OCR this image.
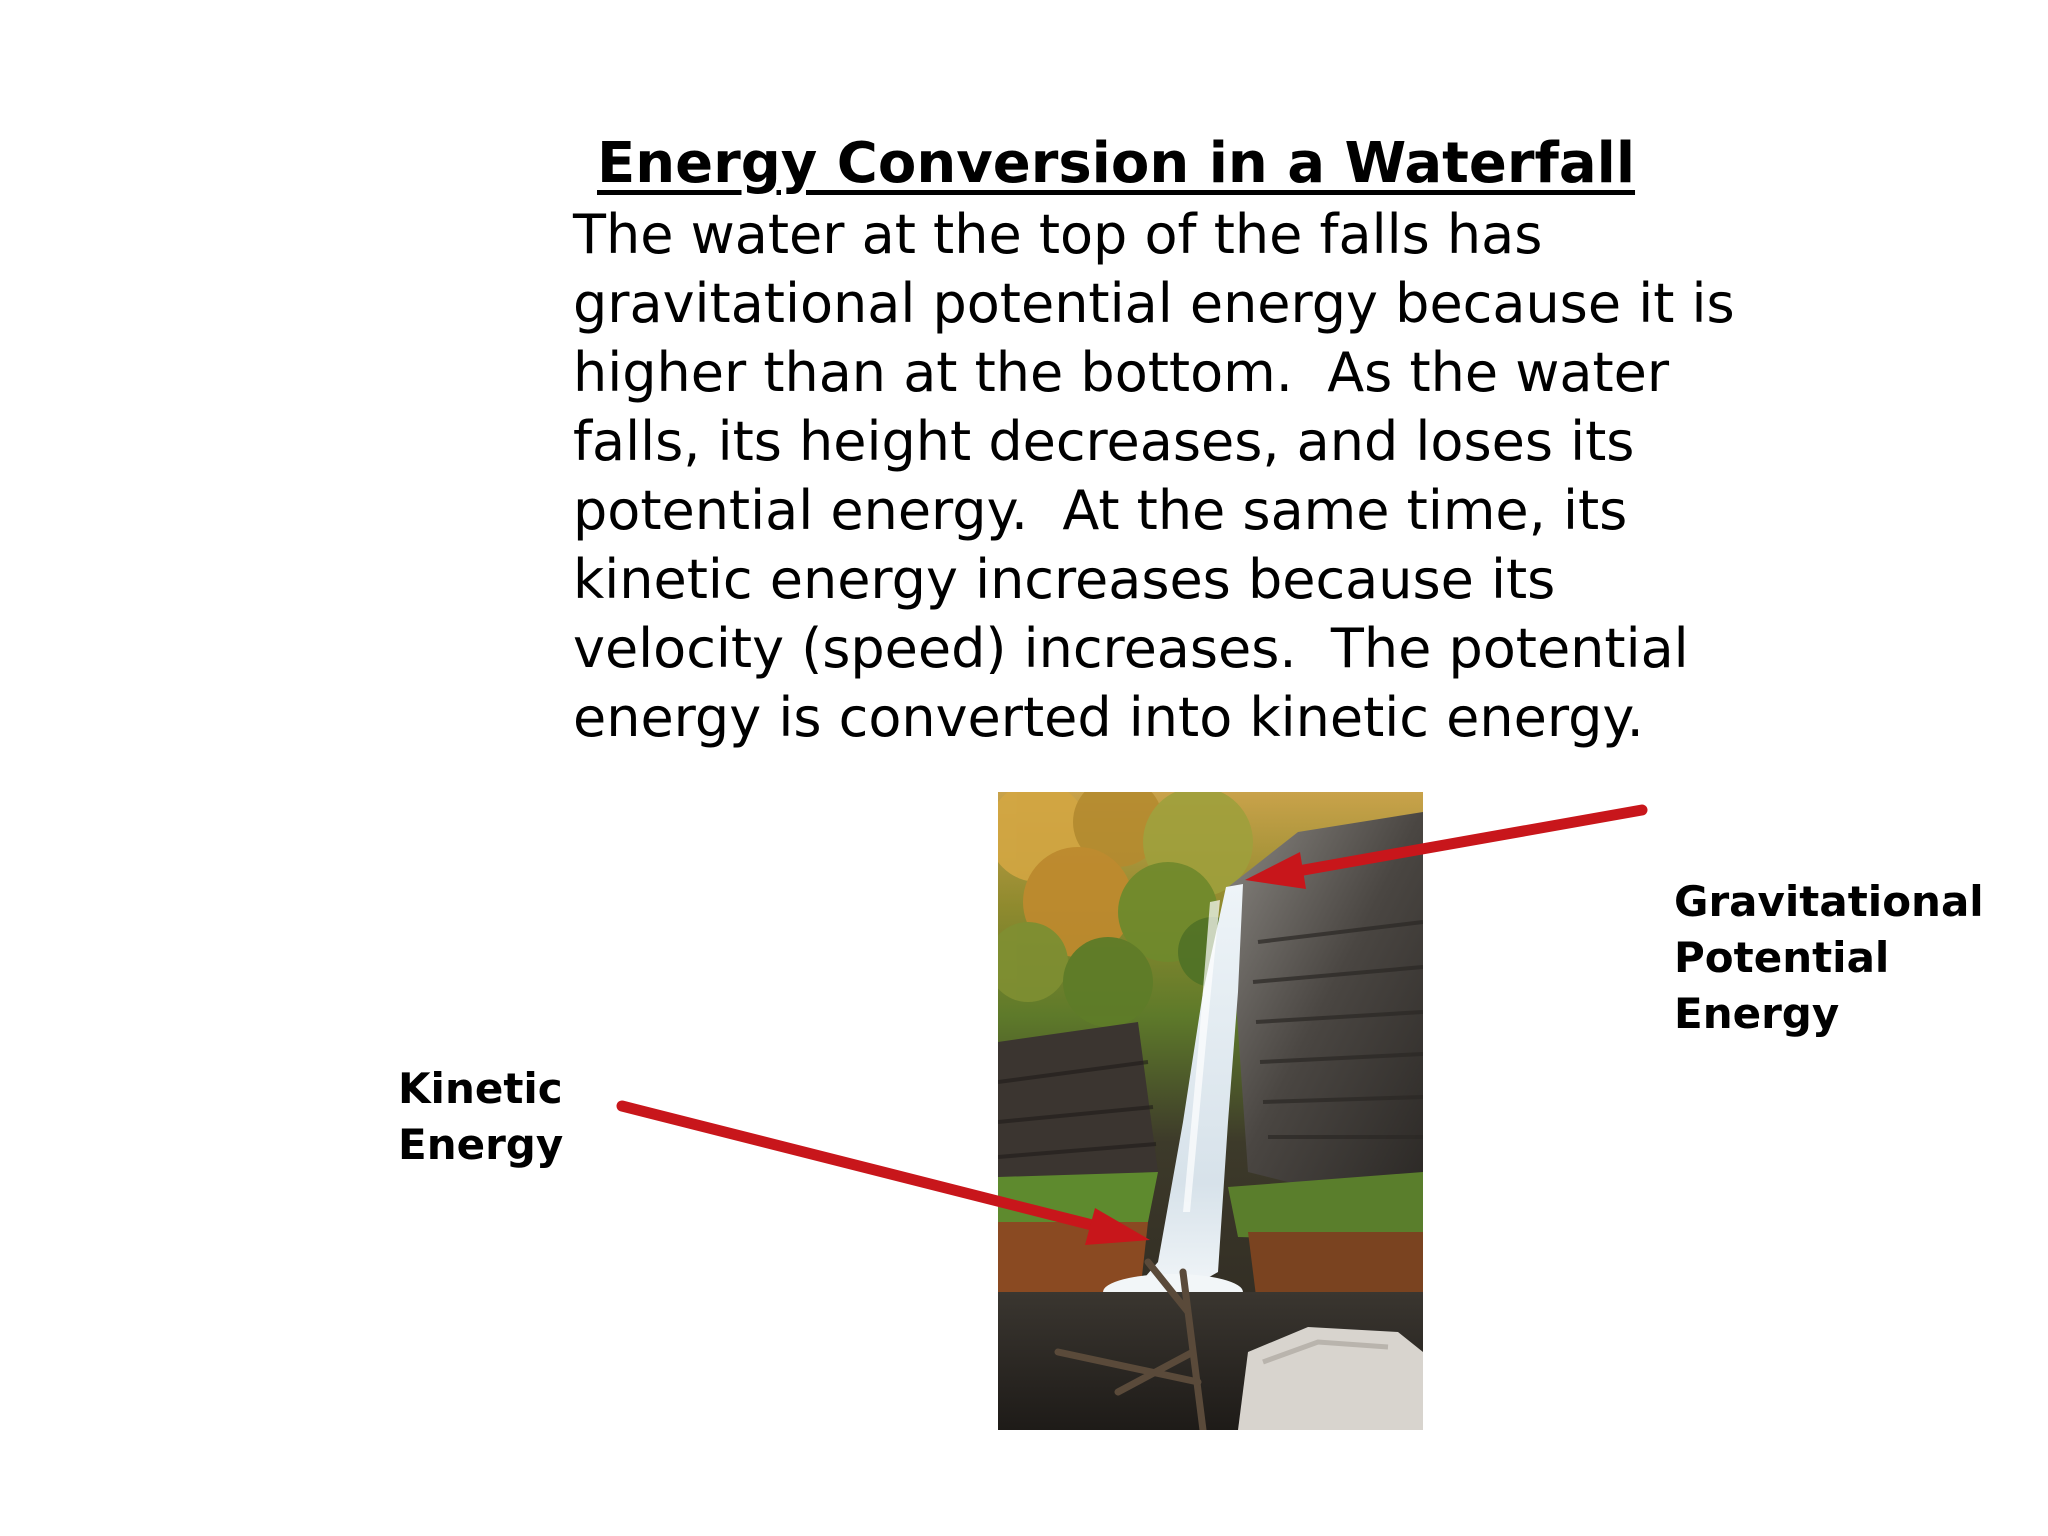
Energy Conversion in a Waterfall
The water at the top of the falls has
gravitational potential energy because it is
higher than at the bottom.  As the water
falls, its height decreases, and loses its
potential energy.  At the same time, its
kinetic energy increases because its
velocity (speed) increases.  The potential
energy is converted into kinetic energy.
Gravitational
Potential
Energy
Kinetic
Energy
